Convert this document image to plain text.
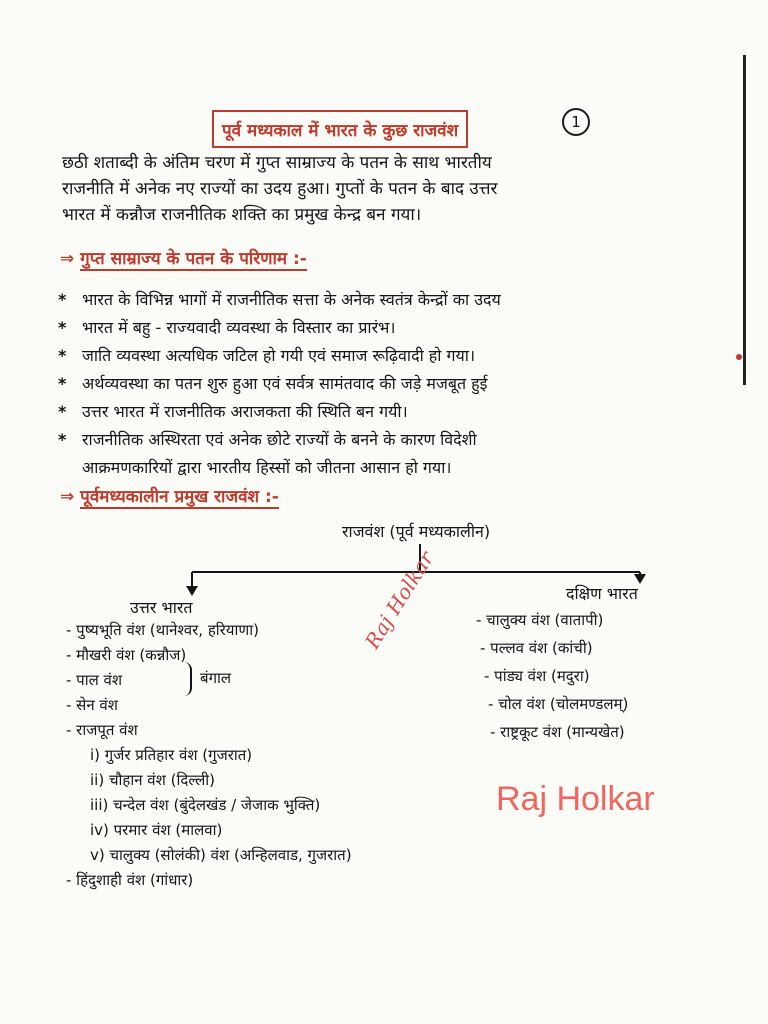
पूर्व मध्यकाल में भारत के कुछ राजवंश	1
छठी शताब्दी के अंतिम चरण में गुप्त साम्राज्य के पतन के साथ भारतीय
राजनीति में अनेक नए राज्यों का उदय हुआ। गुप्तों के पतन के बाद उत्तर
भारत में कन्नौज राजनीतिक शक्ति का प्रमुख केन्द्र बन गया।
⇒ गुप्त साम्राज्य के पतन के परिणाम :-
* भारत के विभिन्न भागों में राजनीतिक सत्ता के अनेक स्वतंत्र केन्द्रों का उदय
* भारत में बहु - राज्यवादी व्यवस्था के विस्तार का प्रारंभ।
* जाति व्यवस्था अत्यधिक जटिल हो गयी एवं समाज रूढ़िवादी हो गया।
* अर्थव्यवस्था का पतन शुरु हुआ एवं सर्वत्र सामंतवाद की जड़े मजबूत हुई
* उत्तर भारत में राजनीतिक अराजकता की स्थिति बन गयी।
* राजनीतिक अस्थिरता एवं अनेक छोटे राज्यों के बनने के कारण विदेशी
आक्रमणकारियों द्वारा भारतीय हिस्सों को जीतना आसान हो गया।
⇒ पूर्वमध्यकालीन प्रमुख राजवंश :-
राजवंश (पूर्व मध्यकालीन)
उत्तर भारत
दक्षिण भारत
- पुष्यभूति वंश (थानेश्वर, हरियाणा)
- मौखरी वंश (कन्नौज)
- पाल वंश
- सेन वंश
- राजपूत वंश
i) गुर्जर प्रतिहार वंश (गुजरात)
ii) चौहान वंश (दिल्ली)
iii) चन्देल वंश (बुंदेलखंड / जेजाक भुक्ति)
iv) परमार वंश (मालवा)
v) चालुक्य (सोलंकी) वंश (अन्हिलवाड, गुजरात)
- हिंदुशाही वंश (गांधार)
बंगाल
- चालुक्य वंश (वातापी)
- पल्लव वंश (कांची)
- पांड्य वंश (मदुरा)
- चोल वंश (चोलमण्डलम्)
- राष्ट्रकूट वंश (मान्यखेत)
Raj Holkar
Raj Holkar
